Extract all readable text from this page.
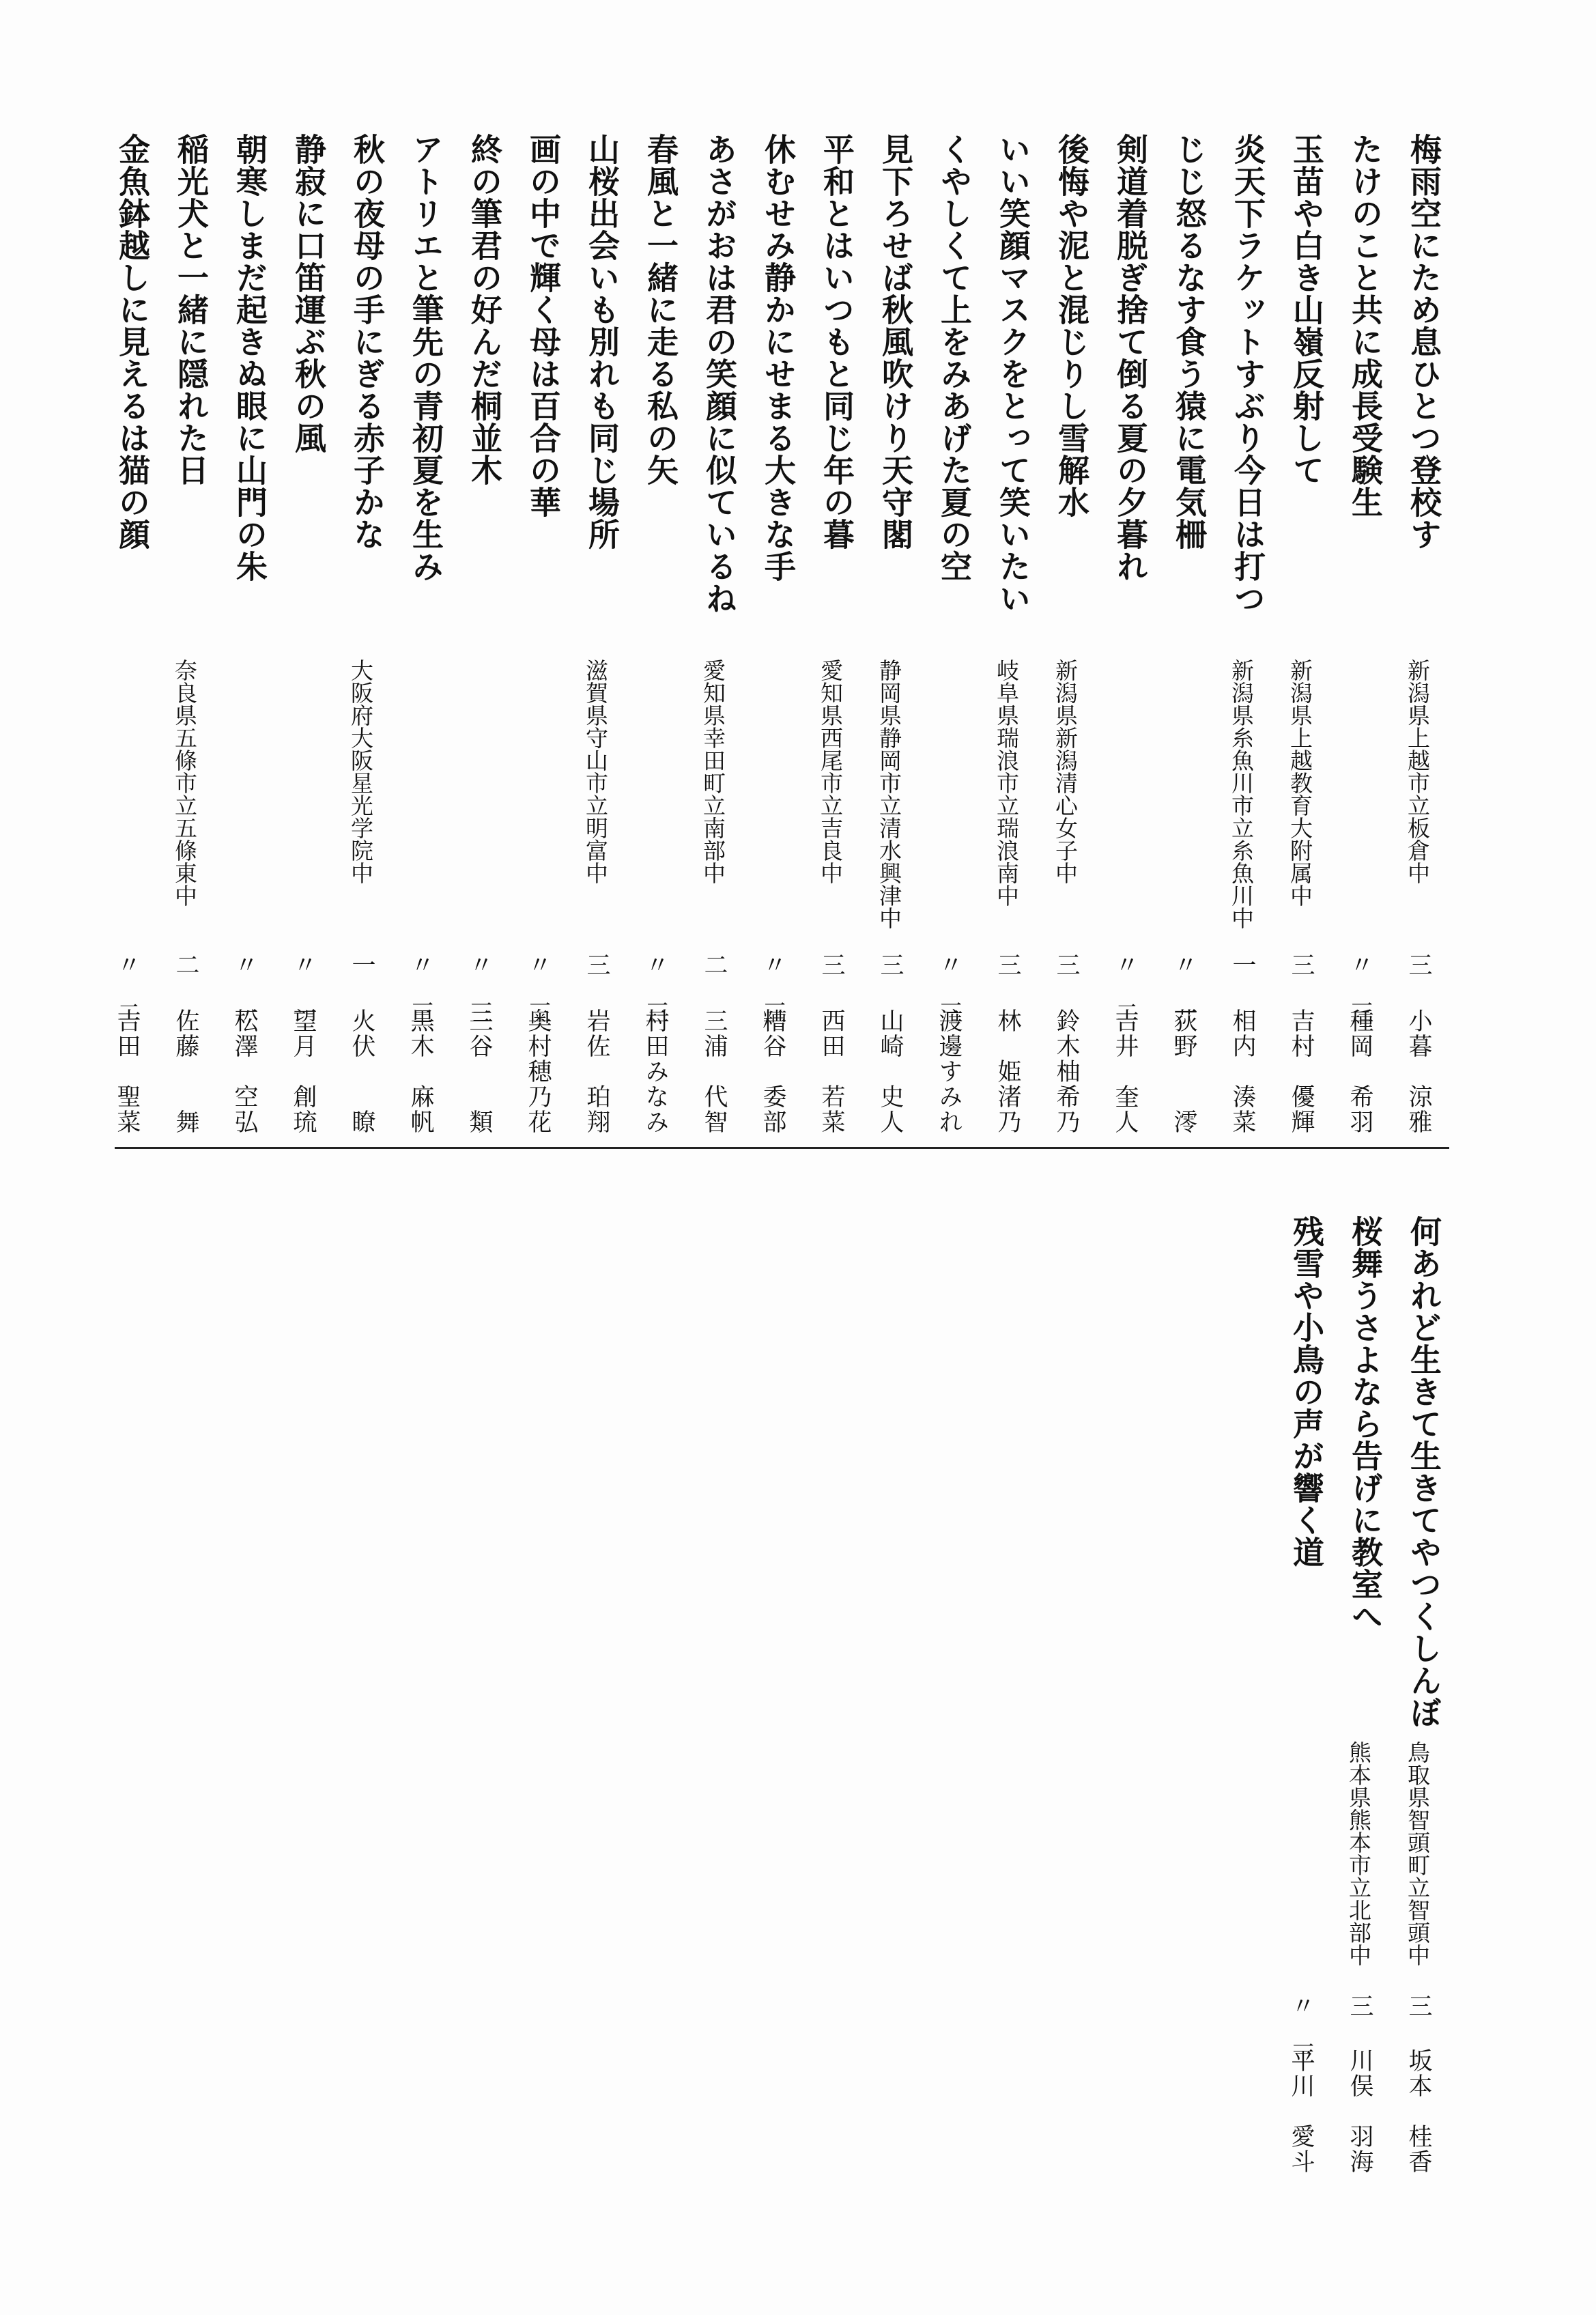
梅雨空にため息ひとつ登校す
新潟県上越市立板倉中
三
小暮　涼雅
たけのこと共に成長受験生
〃　三
種岡　希羽
玉苗や白き山嶺反射して
新潟県上越教育大附属中
三
吉村　優輝
炎天下ラケットすぶり今日は打つ
新潟県糸魚川市立糸魚川中
一
相内　湊菜
じじ怒るなす食う猿に電気柵
〃　一
荻野　　澪
剣道着脱ぎ捨て倒る夏の夕暮れ
〃　二
吉井　奎人
後悔や泥と混じりし雪解水
新潟県新潟清心女子中
三
鈴木柚希乃
いい笑顔マスクをとって笑いたい
岐阜県瑞浪市立瑞浪南中
三
林　姫渚乃
くやしくて上をみあげた夏の空
〃　三
渡邊すみれ
見下ろせば秋風吹けり天守閣
静岡県静岡市立清水興津中
三
山崎　史人
平和とはいつもと同じ年の暮
愛知県西尾市立吉良中
三
西田　若菜
休むせみ静かにせまる大きな手
〃　三
糟谷　委部
あさがおは君の笑顔に似ているね
愛知県幸田町立南部中
二
三浦　代智
春風と一緒に走る私の矢
〃　三
村田みなみ
山桜出会いも別れも同じ場所
滋賀県守山市立明富中
三
岩佐　珀翔
画の中で輝く母は百合の華
〃　三
奥村穂乃花
終の筆君の好んだ桐並木
〃　三
三谷　　類
アトリエと筆先の青初夏を生み
〃　三
黒木　麻帆
秋の夜母の手にぎる赤子かな
大阪府大阪星光学院中
一
火伏　　瞭
静寂に口笛運ぶ秋の風
〃　一
望月　創琉
朝寒しまだ起きぬ眼に山門の朱
〃　一
松澤　空弘
稲光犬と一緒に隠れた日
奈良県五條市立五條東中
二
佐藤　　舞
金魚鉢越しに見えるは猫の顔
〃　二
吉田　聖菜
何あれど生きて生きてやつくしんぼ
鳥取県智頭町立智頭中
三
坂本　桂香
桜舞うさよなら告げに教室へ
熊本県熊本市立北部中
三
川俣　羽海
残雪や小鳥の声が響く道
〃　三
平川　愛斗
